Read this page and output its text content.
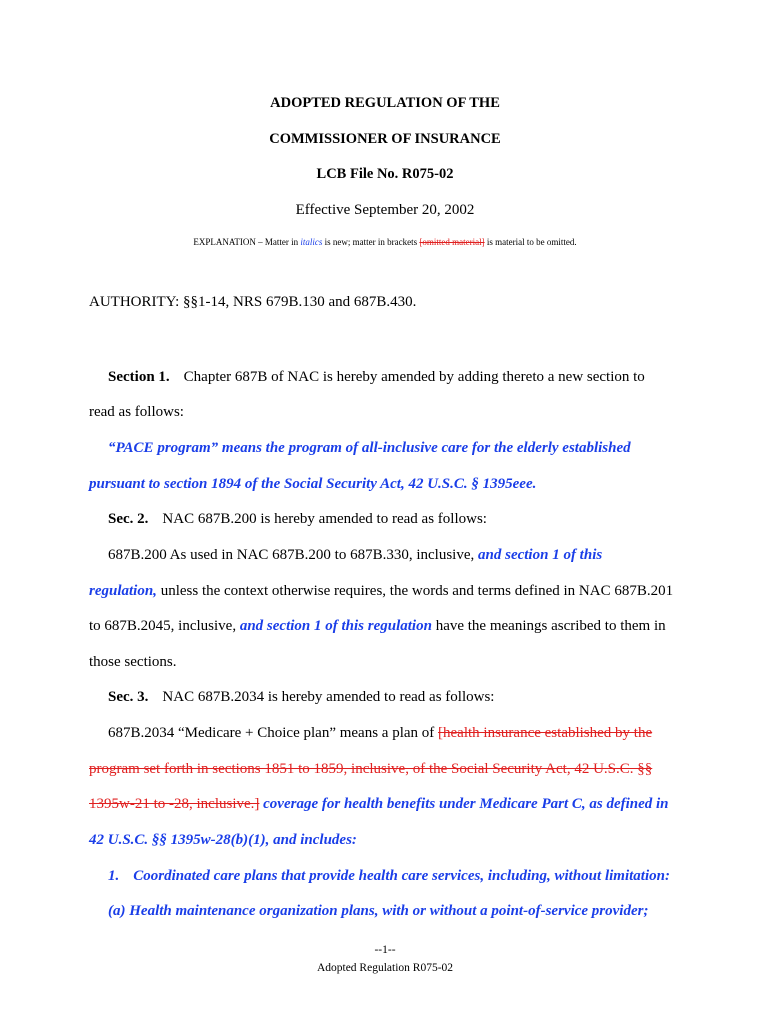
ADOPTED REGULATION OF THE
COMMISSIONER OF INSURANCE
LCB File No. R075-02
Effective September 20, 2002
EXPLANATION – Matter in italics is new; matter in brackets [omitted material] is material to be omitted.
AUTHORITY: §§1-14, NRS 679B.130 and 687B.430.
Section 1. Chapter 687B of NAC is hereby amended by adding thereto a new section to
read as follows:
“PACE program” means the program of all-inclusive care for the elderly established
pursuant to section 1894 of the Social Security Act, 42 U.S.C. § 1395eee.
Sec. 2. NAC 687B.200 is hereby amended to read as follows:
687B.200 As used in NAC 687B.200 to 687B.330, inclusive, and section 1 of this
regulation, unless the context otherwise requires, the words and terms defined in NAC 687B.201
to 687B.2045, inclusive, and section 1 of this regulation have the meanings ascribed to them in
those sections.
Sec. 3. NAC 687B.2034 is hereby amended to read as follows:
687B.2034 “Medicare + Choice plan” means a plan of [health insurance established by the
program set forth in sections 1851 to 1859, inclusive, of the Social Security Act, 42 U.S.C. §§
1395w-21 to -28, inclusive.] coverage for health benefits under Medicare Part C, as defined in
42 U.S.C. §§ 1395w-28(b)(1), and includes:
1. Coordinated care plans that provide health care services, including, without limitation:
(a) Health maintenance organization plans, with or without a point-of-service provider;
--1--
Adopted Regulation R075-02
